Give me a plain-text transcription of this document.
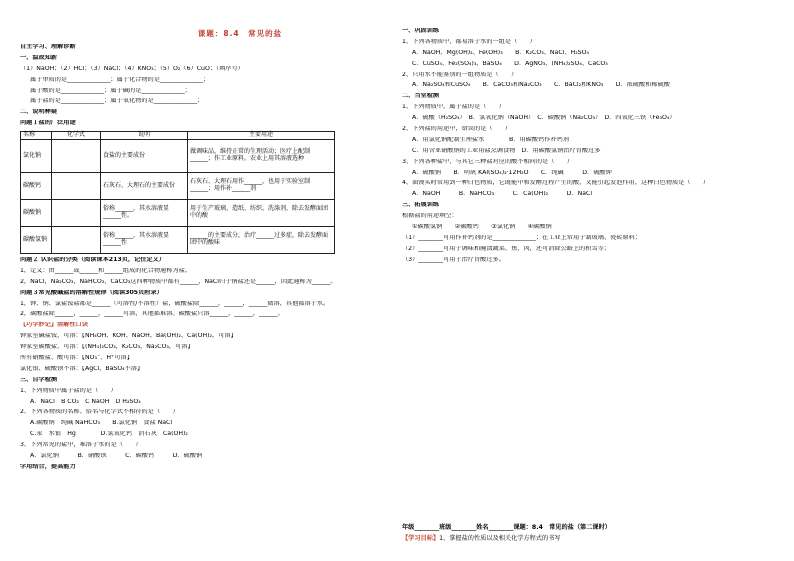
课题：8.4　常见的盐
自主学习、理解诊断
一、温故知新
（1）NaOH；（2）HCl；（3）NaCl；（4）KNO₃；（5）O₂（6）CuO；（填序号）
属于单质的是______________；属于化合物的是______________；
属于酸的是______________；属于碱的是______________；
属于盐的是______________；属于氧化物的是______________；
二、说明释疑
问题１盐的广泛用途
名称	化学式	说明	主要用途
氯化钠		食盐的主要成份	做调味品，维持正常的生理活动；医疗上配制______；作工业原料，农业上用其溶液选种
碳酸钙		石灰石、大理石的主要成份	石灰石、大理石用作______，也用于实验室制______；用作补______剂
碳酸钠		俗称______，其水溶液显______性。	用于生产玻璃、造纸、纺织、洗涤剂，除去发酵面团中的酸
碳酸氢钠		俗称______，其水溶液显______性	______的主要成分，治疗______过多症，除去发酵面团中的酸味
问题２ 认识盐的分类（阅读课本213页，记住定义）
1，定义：由______或______和______组成的化合物通称为盐。
2，NaCl，Na₂CO₃，NaHCO₃，CaCO₃这四种物质中都有______，NaCl归于钠盐还是______，因此通称为______。
问题３常见酸碱盐的溶解性规律（阅读305页附录）
1，钾、钠、氯盐铵盐都是______（可溶性/不溶性）盐，硫酸盐除______，______，______微溶，其他都溶于水。
2，碳酸盐除______，______，______可溶，其他都难溶。碳酸盐只溶______，______，______。
【巧学妙记】溶解性口诀
钾家室碱盐铵，可溶：【NH₄OH、KOH、NaOH、Ba(OH)₂、Ca(OH)₂，可溶】
钾家室碳酸盐，可溶：【(NH₄)₂CO₃，K₂CO₃，Na₂CO₃，可溶】
所有硝酸盐、酸可溶：【NO₃⁻、H⁺可溶】
氯化银、硫酸钡不溶：【AgCl，BaSO₄不溶】
三、自学检测
1、下列物质中属于盐的是（　　）
A．NaCl　B CO₂　C NaOH　D H₂SO₄
2、下列各物质的名称、俗名与化学式不相符的是（　　）
A.碳酸钠　纯碱 NaHCO₃　　B.氯化钠　食盐 NaCl
C.汞　水银　Hg　　　　D.氢氧化钙　消石灰　Ca(OH)₂
3、下列常见的盐中，难溶于水的是（　　）
A．氯化钠　　　B．硝酸钡　　　C．碳酸钙　　　D．硫酸钠
学用结合，提高能力
一、巩固训练
1、下列各物质中，都易溶于水的一组是（　　）
A．NaOH、Mg(OH)₂、Fe(OH)₃　　B．K₂CO₃、NaCl、H₂SO₄
C．CuSO₄、Fe₂(SO₄)₃、BaSO₄　　D．AgNO₃、(NH₄)₂SO₄、CaCO₃
2、只用水不能鉴别的一组物质是（　　）
A．Na₂SO₄和CuSO₄　　B．CaCO₃和Na₂CO₃　　C．BaCl₂和KNO₃　　D．浓硫酸和稀硫酸
二、当堂检测
1、下列物质中，属于盐的是（　　）
A．硫酸（H₂SO₄）　B．氢氧化钠（NaOH）　C．碳酸钠（Na₂CO₃）　D．四氧化三铁（Fe₃O₄）
2、下列盐的用途中，错误的是（　　）
A．用氯化钠配制生理盐水　　　　B．用碳酸钙作补钙剂
C．用含亚硝酸钠的工业用盐烹调食物　D．用碳酸氢钠治疗胃酸过多
3、下列各种盐中，与其它三种盐对应的酸不相同的是（　　）
A．硫酸钠　　B．明矾 KAl(SO₄)₂·12H₂O　　C．纯碱　　　D．硫酸钾
4、面馒头时常用到一种白色物质，它既能中和发酵过程产生的酸，又能引起发泡作用，这种白色物质是（　　）
A．NaOH　　　B．NaHCO₃　　　C．Ca(OH)₂　　　D．NaCl
三、拓展训练
根据盐的用途填空：
①碳酸氢钠　　②碳酸钙　　③氯化钠　　④碳酸钠
（1）________可用作补钙剂的是______________；在工业上常用于制玻璃、瓷砖原料；
（2）________可用于调味和腌渍蔬菜、鱼、肉，还可消除公路上的积雪等；
（3）________可用于治疗胃酸过多。
年级________班级________姓名________课题：8.4　常见的盐（第二课时）
【学习目标】1、掌握盐的性质以及相关化学方程式的书写
